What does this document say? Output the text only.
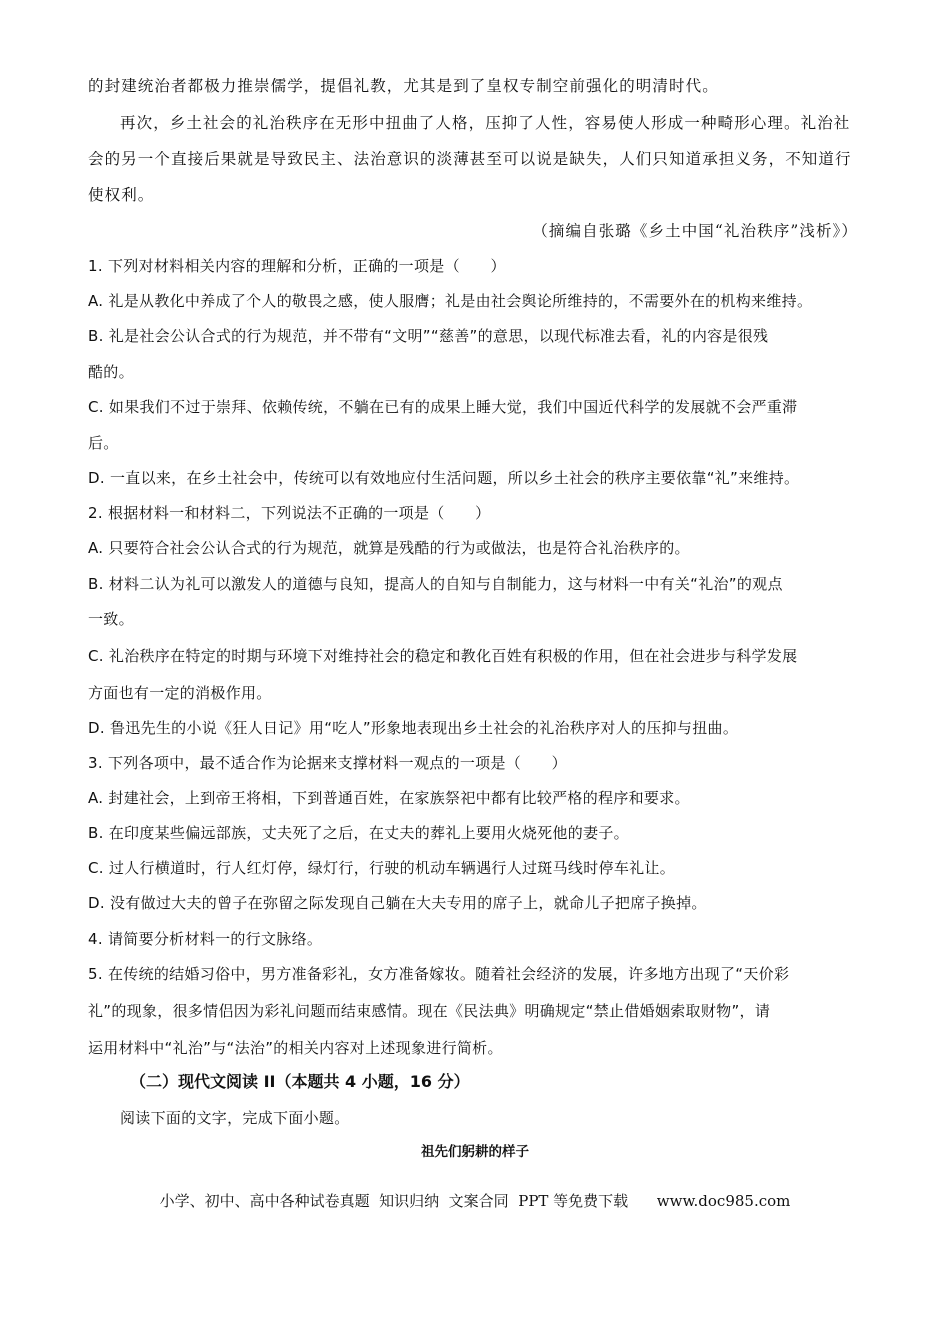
的封建统治者都极力推崇儒学，提倡礼教，尤其是到了皇权专制空前强化的明清时代。
再次，乡土社会的礼治秩序在无形中扭曲了人格，压抑了人性，容易使人形成一种畸形心理。礼治社
会的另一个直接后果就是导致民主、法治意识的淡薄甚至可以说是缺失，人们只知道承担义务，不知道行
使权利。
（摘编自张璐《乡土中国“礼治秩序”浅析》）
1. 下列对材料相关内容的理解和分析，正确的一项是（　　）
A. 礼是从教化中养成了个人的敬畏之感，使人服膺；礼是由社会舆论所维持的，不需要外在的机构来维持。
B. 礼是社会公认合式的行为规范，并不带有“文明”“慈善”的意思，以现代标准去看，礼的内容是很残
酷的。
C. 如果我们不过于崇拜、依赖传统，不躺在已有的成果上睡大觉，我们中国近代科学的发展就不会严重滞
后。
D. 一直以来，在乡土社会中，传统可以有效地应付生活问题，所以乡土社会的秩序主要依靠“礼”来维持。
2. 根据材料一和材料二，下列说法不正确的一项是（　　）
A. 只要符合社会公认合式的行为规范，就算是残酷的行为或做法，也是符合礼治秩序的。
B. 材料二认为礼可以激发人的道德与良知，提高人的自知与自制能力，这与材料一中有关“礼治”的观点
一致。
C. 礼治秩序在特定的时期与环境下对维持社会的稳定和教化百姓有积极的作用，但在社会进步与科学发展
方面也有一定的消极作用。
D. 鲁迅先生的小说《狂人日记》用“吃人”形象地表现出乡土社会的礼治秩序对人的压抑与扭曲。
3. 下列各项中，最不适合作为论据来支撑材料一观点的一项是（　　）
A. 封建社会，上到帝王将相，下到普通百姓，在家族祭祀中都有比较严格的程序和要求。
B. 在印度某些偏远部族，丈夫死了之后，在丈夫的葬礼上要用火烧死他的妻子。
C. 过人行横道时，行人红灯停，绿灯行，行驶的机动车辆遇行人过斑马线时停车礼让。
D. 没有做过大夫的曾子在弥留之际发现自己躺在大夫专用的席子上，就命儿子把席子换掉。
4. 请简要分析材料一的行文脉络。
5. 在传统的结婚习俗中，男方准备彩礼，女方准备嫁妆。随着社会经济的发展，许多地方出现了“天价彩
礼”的现象，很多情侣因为彩礼问题而结束感情。现在《民法典》明确规定“禁止借婚姻索取财物”，请
运用材料中“礼治”与“法治”的相关内容对上述现象进行简析。
（二）现代文阅读 II（本题共 4 小题，16 分）
阅读下面的文字，完成下面小题。
祖先们躬耕的样子
小学、初中、高中各种试卷真题  知识归纳  文案合同  PPT 等免费下载      www.doc985.com
